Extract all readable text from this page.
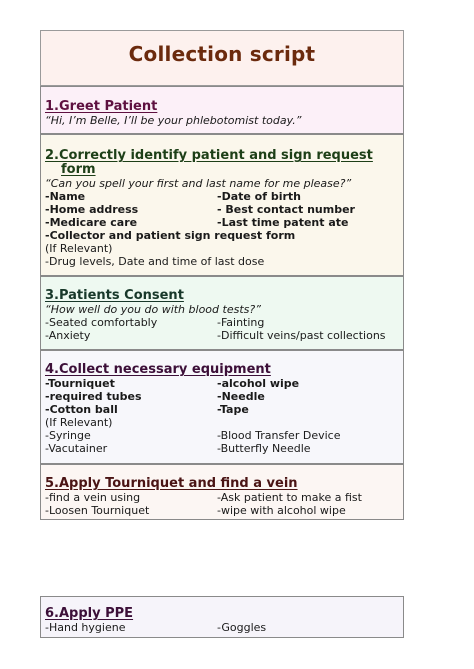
Collection script
1.Greet Patient
“Hi, I’m Belle, I’ll be your phlebotomist today.”
2.Correctly identify patient and sign request
form
“Can you spell your first and last name for me please?”
-Name	-Date of birth
-Home address	- Best contact number
-Medicare care	-Last time patent ate
-Collector and patient sign request form
(If Relevant)
-Drug levels, Date and time of last dose
3.Patients Consent
“How well do you do with blood tests?”
-Seated comfortably	-Fainting
-Anxiety	-Difficult veins/past collections
4.Collect necessary equipment
-Tourniquet	-alcohol wipe
-required tubes	-Needle
-Cotton ball	-Tape
(If Relevant)
-Syringe	-Blood Transfer Device
-Vacutainer	-Butterfly Needle
5.Apply Tourniquet and find a vein
-find a vein using	-Ask patient to make a fist
-Loosen Tourniquet	-wipe with alcohol wipe
6.Apply PPE
-Hand hygiene	-Goggles
